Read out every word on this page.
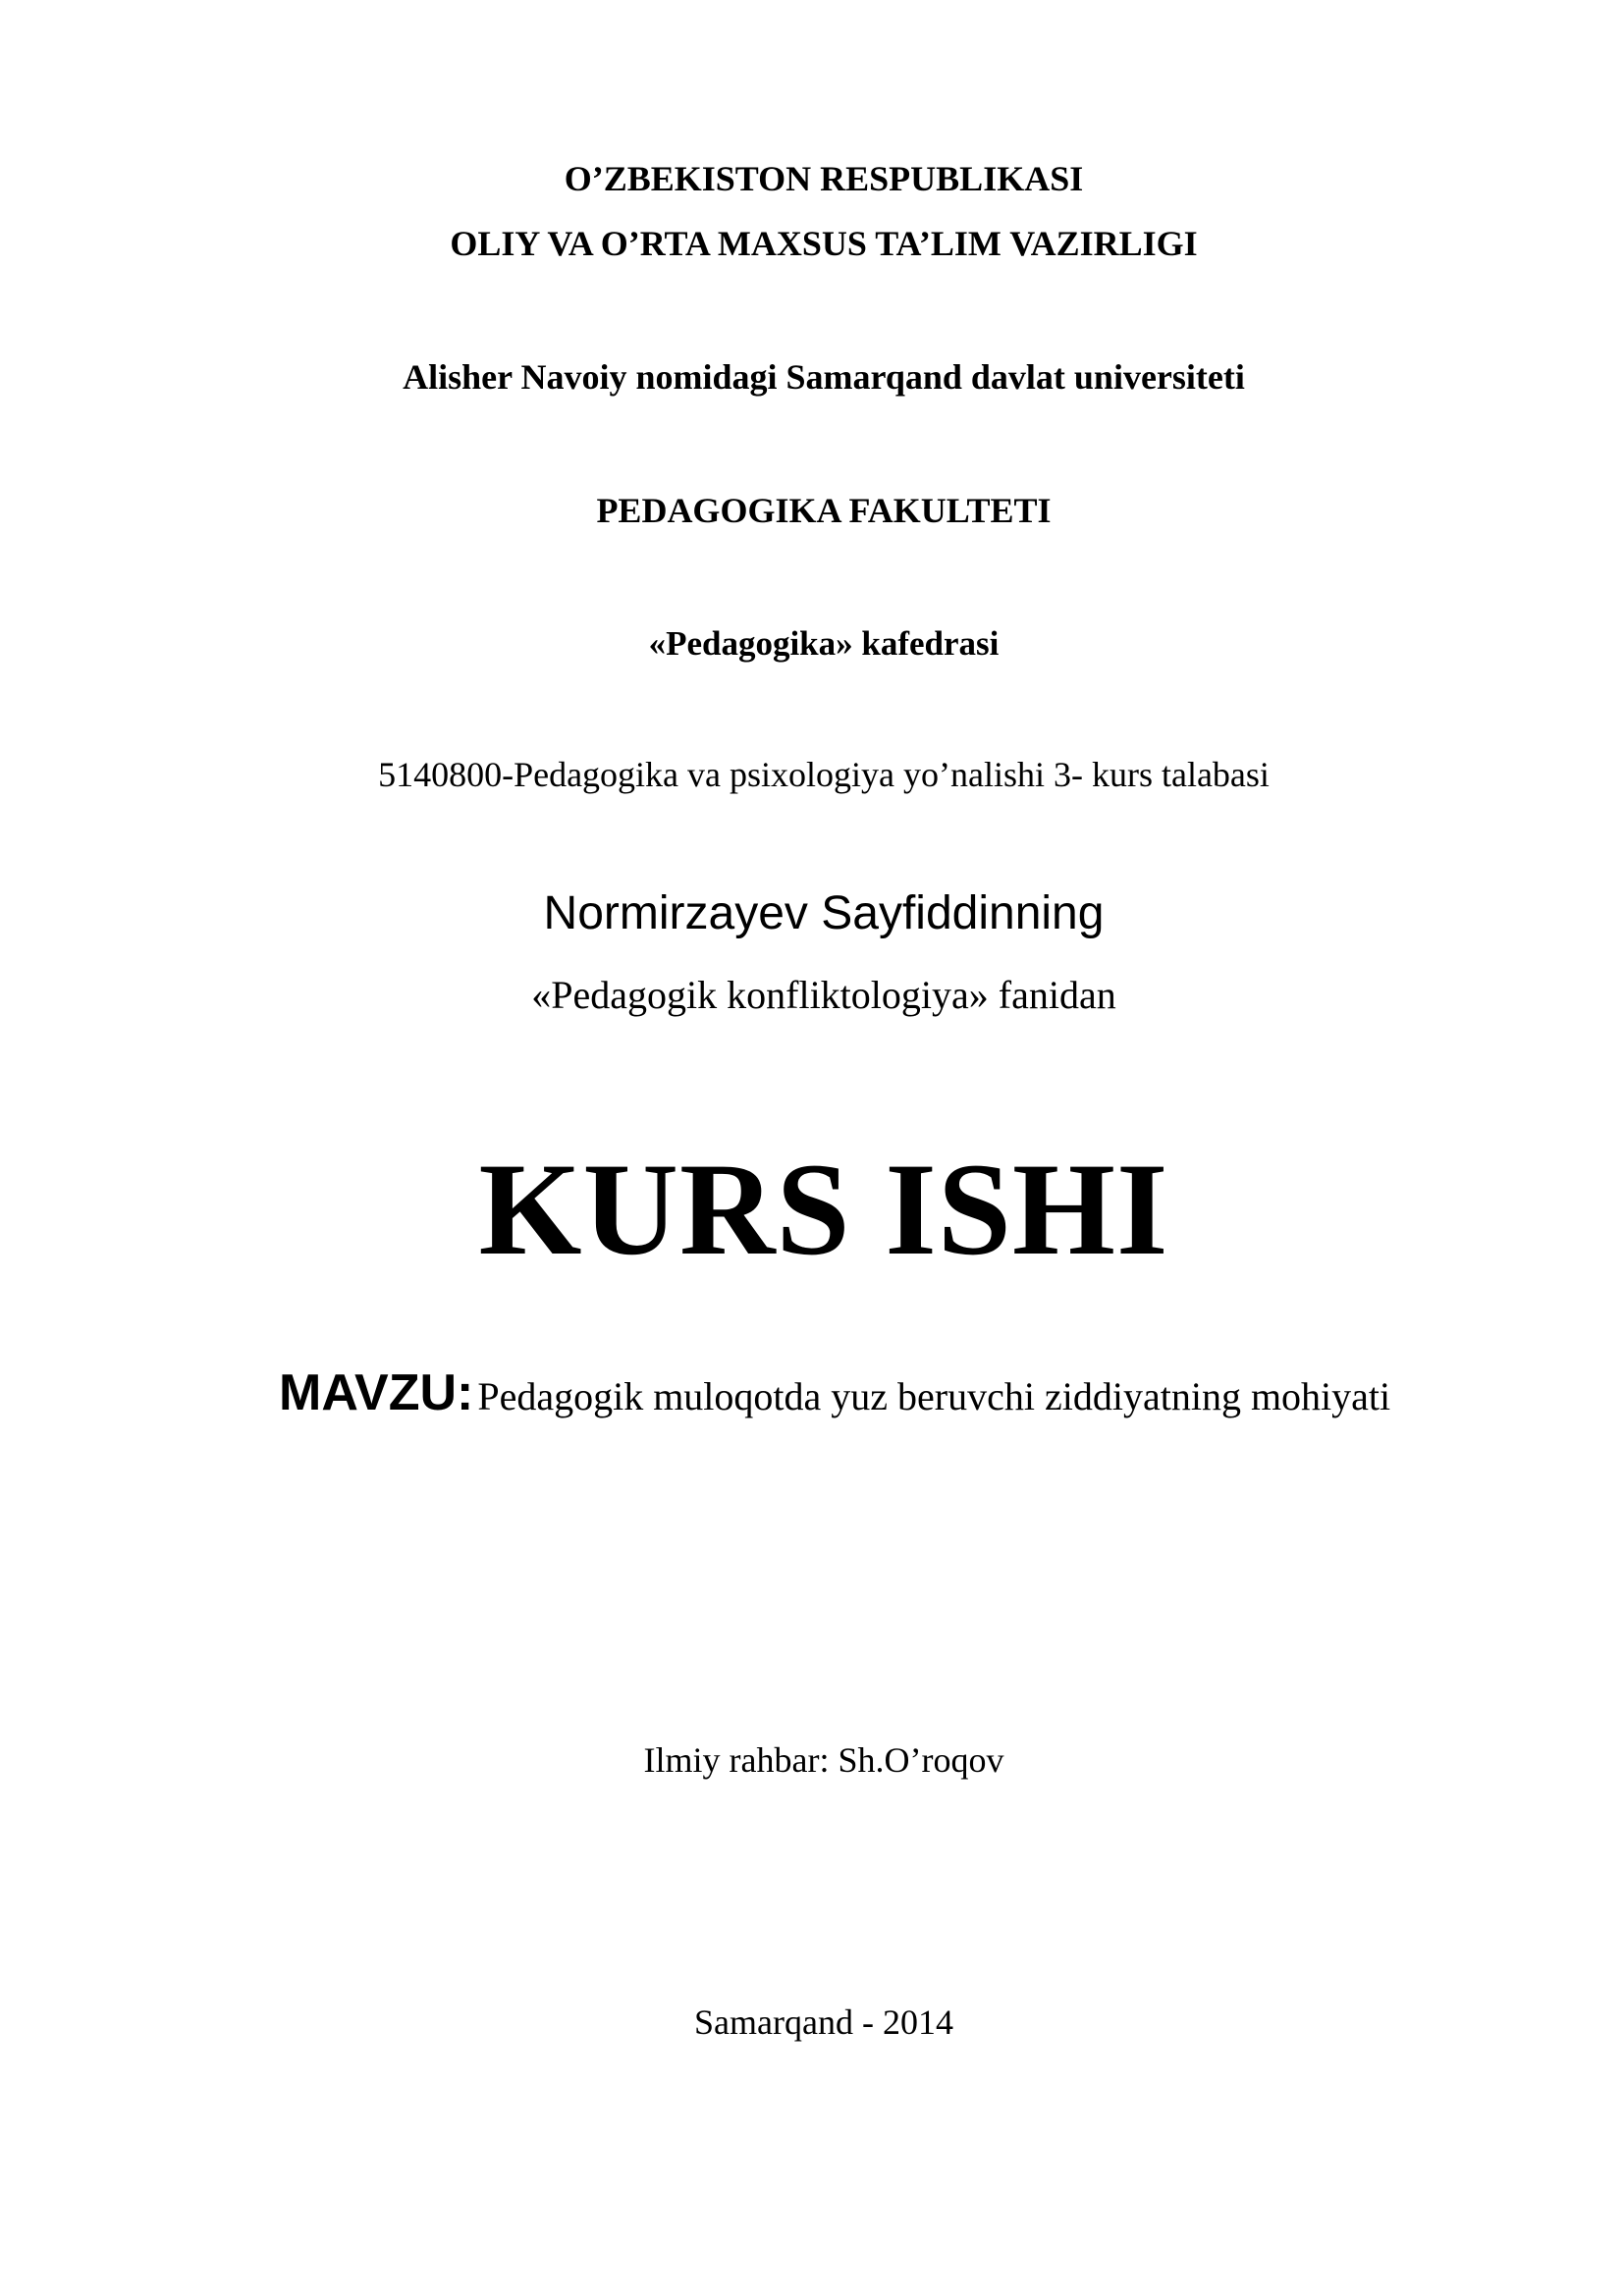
O’ZBEKISTON RESPUBLIKASI
OLIY VA O’RTA MAXSUS TA’LIM VAZIRLIGI
Alisher Navoiy nomidagi Samarqand davlat universiteti
PEDAGOGIKA FAKULTETI
«Pedagogika» kafedrasi
5140800-Pedagogika va psixologiya yo’nalishi 3- kurs talabasi
Normirzayev Sayfiddinning
«Pedagogik konfliktologiya» fanidan
KURS ISHI
MAVZU: Pedagogik muloqotda yuz beruvchi ziddiyatning mohiyati
Ilmiy rahbar: Sh.O’roqov
Samarqand - 2014
